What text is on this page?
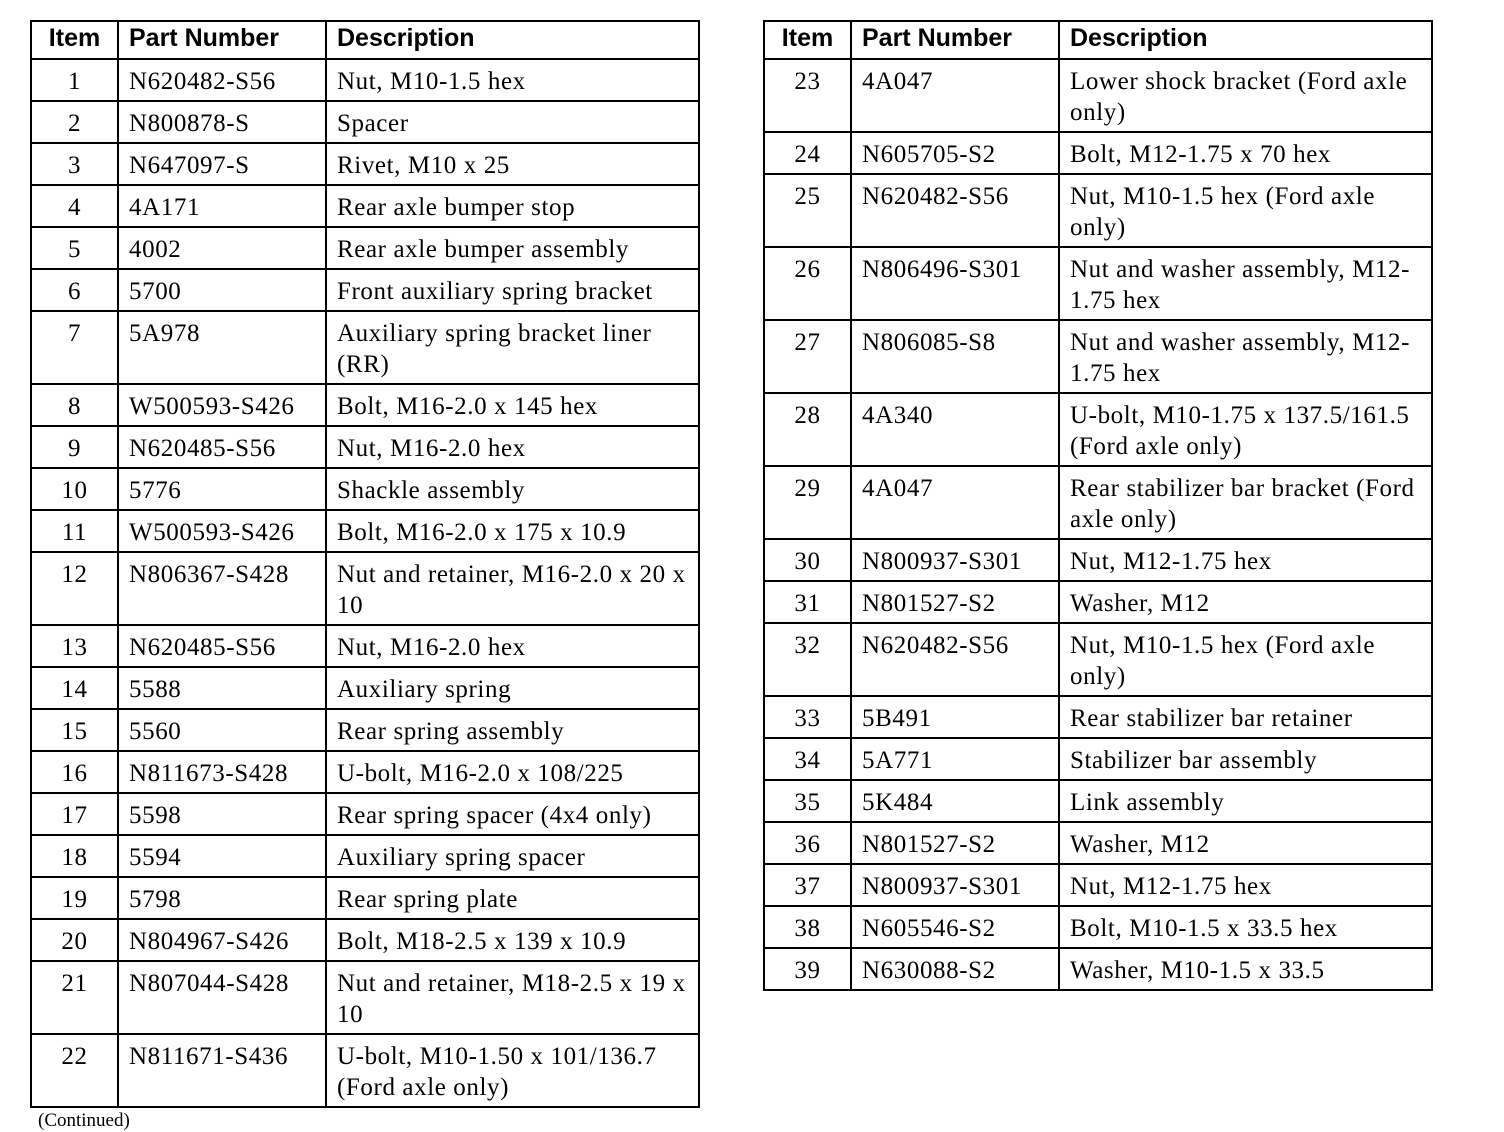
Item	Part Number	Description
1	N620482-S56	Nut, M10-1.5 hex
2	N800878-S	Spacer
3	N647097-S	Rivet, M10 x 25
4	4A171	Rear axle bumper stop
5	4002	Rear axle bumper assembly
6	5700	Front auxiliary spring bracket
7	5A978	Auxiliary spring bracket liner (RR)
8	W500593-S426	Bolt, M16-2.0 x 145 hex
9	N620485-S56	Nut, M16-2.0 hex
10	5776	Shackle assembly
11	W500593-S426	Bolt, M16-2.0 x 175 x 10.9
12	N806367-S428	Nut and retainer, M16-2.0 x 20 x 10
13	N620485-S56	Nut, M16-2.0 hex
14	5588	Auxiliary spring
15	5560	Rear spring assembly
16	N811673-S428	U-bolt, M16-2.0 x 108/225
17	5598	Rear spring spacer (4x4 only)
18	5594	Auxiliary spring spacer
19	5798	Rear spring plate
20	N804967-S426	Bolt, M18-2.5 x 139 x 10.9
21	N807044-S428	Nut and retainer, M18-2.5 x 19 x 10
22	N811671-S436	U-bolt, M10-1.50 x 101/136.7 (Ford axle only)
Item	Part Number	Description
23	4A047	Lower shock bracket (Ford axle only)
24	N605705-S2	Bolt, M12-1.75 x 70 hex
25	N620482-S56	Nut, M10-1.5 hex (Ford axle only)
26	N806496-S301	Nut and washer assembly, M12-1.75 hex
27	N806085-S8	Nut and washer assembly, M12-1.75 hex
28	4A340	U-bolt, M10-1.75 x 137.5/161.5 (Ford axle only)
29	4A047	Rear stabilizer bar bracket (Ford axle only)
30	N800937-S301	Nut, M12-1.75 hex
31	N801527-S2	Washer, M12
32	N620482-S56	Nut, M10-1.5 hex (Ford axle only)
33	5B491	Rear stabilizer bar retainer
34	5A771	Stabilizer bar assembly
35	5K484	Link assembly
36	N801527-S2	Washer, M12
37	N800937-S301	Nut, M12-1.75 hex
38	N605546-S2	Bolt, M10-1.5 x 33.5 hex
39	N630088-S2	Washer, M10-1.5 x 33.5
(Continued)
